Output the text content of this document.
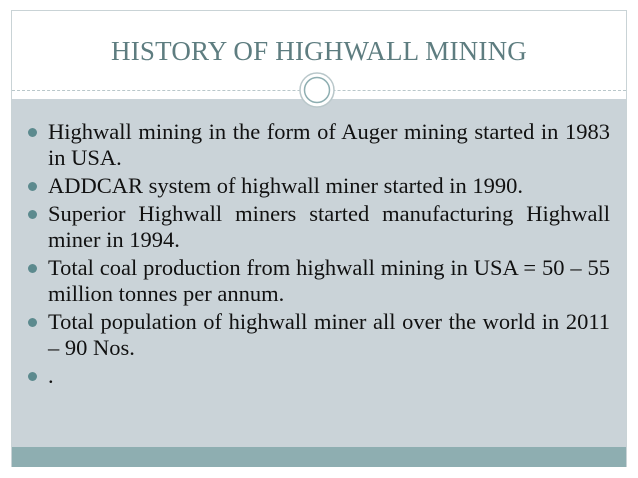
HISTORY OF HIGHWALL MINING
Highwall mining in the form of Auger mining started in 1983 in USA.
ADDCAR system of highwall miner started in 1990.
Superior Highwall miners started manufacturing Highwall miner in 1994.
Total coal production from highwall mining in USA = 50 – 55 million tonnes per annum.
Total population of highwall miner all over the world in 2011 – 90 Nos.
.
